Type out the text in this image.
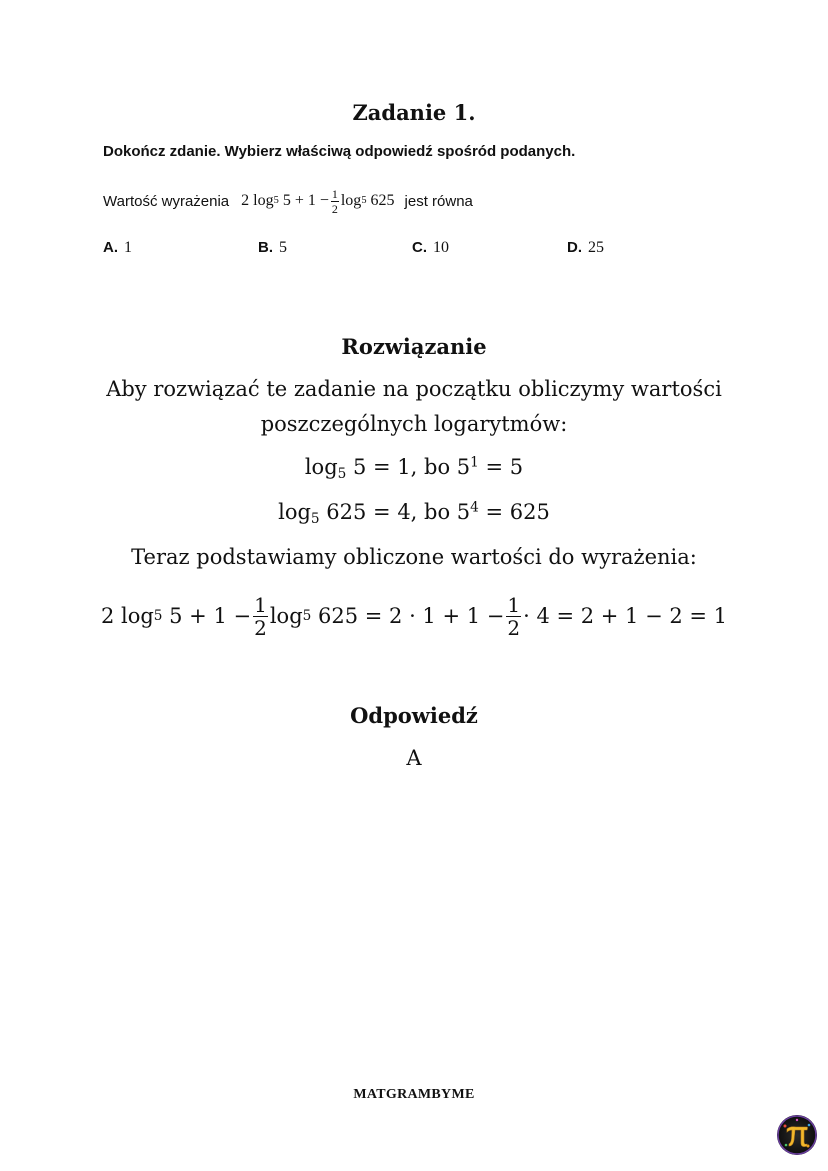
Zadanie 1.
Dokończ zdanie. Wybierz właściwą odpowiedź spośród podanych.
Wartość wyrażenia 2 log 5 $5 + 1 - \frac{1}{2}$ log 5 625 jest równa
A. 1	B. 5	C. 10	D. 25
Rozwiązanie
Aby rozwiązać te zadanie na początku obliczymy wartości
poszczególnych logarytmów:
$\log_5 5 = 1$, bo $5^1 = 5$
$\log_5 625 = 4$, bo $5^4 = 625$
Teraz podstawiamy obliczone wartości do wyrażenia:
2 log 5 $5 + 1 - \frac{1}{2}$ log 5 $625 = 2 \cdot 1 + 1 - \frac{1}{2} \cdot 4 = 2 + 1 - 2 = 1$
Odpowiedź
A
MATGRAMBYME
